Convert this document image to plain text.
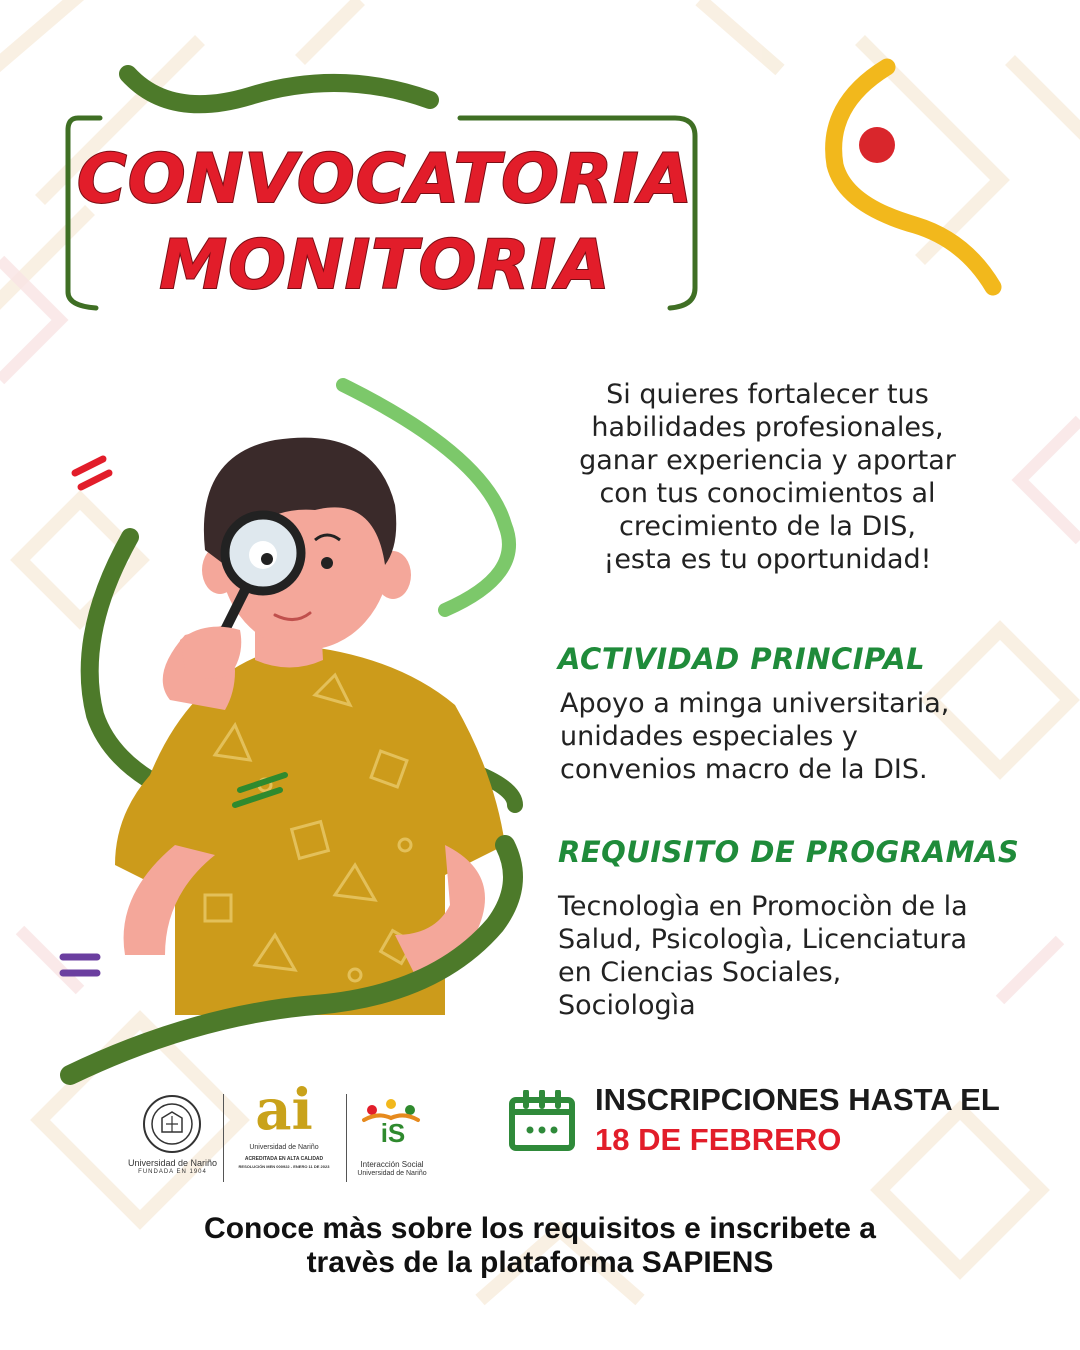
CONVOCATORIA
MONITORIA
Si quieres fortalecer tus
habilidades profesionales,
ganar experiencia y aportar
con tus conocimientos al
crecimiento de la DIS,
¡esta es tu oportunidad!
ACTIVIDAD PRINCIPAL
Apoyo a minga universitaria,
unidades especiales y
convenios macro de la DIS.
REQUISITO DE PROGRAMAS
Tecnologìa en Promociòn de la
Salud, Psicologìa, Licenciatura
en Ciencias Sociales,
Sociologìa
Universidad de Nariño
FUNDADA EN 1904
ai
Universidad de Nariño
ACREDITADA EN ALTA CALIDAD
RESOLUCIÓN MEN 000922 - ENERO 11 DE 2023
iS
Interacción Social
Universidad de Nariño
INSCRIPCIONES HASTA EL
18 DE FEBRERO
Conoce màs sobre los requisitos e inscribete a
travès de la plataforma SAPIENS
